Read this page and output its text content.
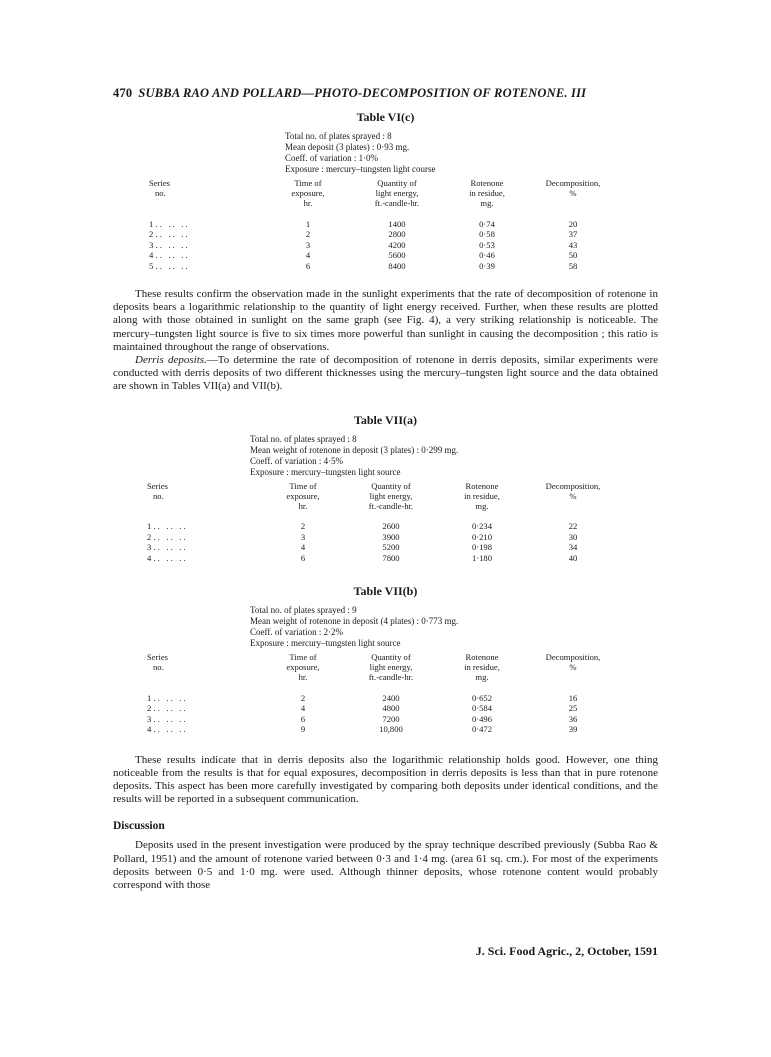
470 SUBBA RAO AND POLLARD—PHOTO-DECOMPOSITION OF ROTENONE. III

Table VI(c)

Total no. of plates sprayed : 8
Mean deposit (3 plates) : 0·93 mg.
Coeff. of variation : 1·0%
Exposure : mercury–tungsten light course
Series
no.	Time of
exposure,
hr.	Quantity of
light energy,
ft.-candle-hr.	Rotenone
in residue,
mg.	Decomposition,
%

1 . .   . .   . .	1	1400	0·74	20
2 . .   . .   . .	2	2800	0·58	37
3 . .   . .   . .	3	4200	0·53	43
4 . .   . .   . .	4	5600	0·46	50
5 . .   . .   . .	6	8400	0·39	58

These results confirm the observation made in the sunlight experiments that the rate of decomposition of rotenone in deposits bears a logarithmic relationship to the quantity of light energy received. Further, when these results are plotted along with those obtained in sunlight on the same graph (see Fig. 4), a very striking relationship is noticeable. The mercury–tungsten light source is five to six times more powerful than sunlight in causing the decomposition ; this ratio is maintained throughout the range of observations.

Derris deposits.—To determine the rate of decomposition of rotenone in derris deposits, similar experiments were conducted with derris deposits of two different thicknesses using the mercury–tungsten light source and the data obtained are shown in Tables VII(a) and VII(b).

Table VII(a)

Total no. of plates sprayed : 8
Mean weight of rotenone in deposit (3 plates) : 0·299 mg.
Coeff. of variation : 4·5%
Exposure : mercury–tungsten light source
Series
no.	Time of
exposure,
hr.	Quantity of
light energy,
ft.-candle-hr.	Rotenone
in residue,
mg.	Decomposition,
%

1 . .   . .   . .	2	2600	0·234	22
2 . .   . .   . .	3	3900	0·210	30
3 . .   . .   . .	4	5200	0·198	34
4 . .   . .   . .	6	7800	1·180	40

Table VII(b)

Total no. of plates sprayed : 9
Mean weight of rotenone in deposit (4 plates) : 0·773 mg.
Coeff. of variation : 2·2%
Exposure : mercury–tungsten light source
Series
no.	Time of
exposure,
hr.	Quantity of
light energy,
ft.-candle-hr.	Rotenone
in residue,
mg.	Decomposition,
%

1 . .   . .   . .	2	2400	0·652	16
2 . .   . .   . .	4	4800	0·584	25
3 . .   . .   . .	6	7200	0·496	36
4 . .   . .   . .	9	10,800	0·472	39

These results indicate that in derris deposits also the logarithmic relationship holds good. However, one thing noticeable from the results is that for equal exposures, decomposition in derris deposits is less than that in pure rotenone deposits. This aspect has been more carefully investigated by comparing both deposits under identical conditions, and the results will be reported in a subsequent communication.

Discussion

Deposits used in the present investigation were produced by the spray technique described previously (Subba Rao & Pollard, 1951) and the amount of rotenone varied between 0·3 and 1·4 mg. (area 61 sq. cm.). For most of the experiments deposits between 0·5 and 1·0 mg. were used. Although thinner deposits, whose rotenone content would probably correspond with those

J. Sci. Food Agric., 2, October, 1591
